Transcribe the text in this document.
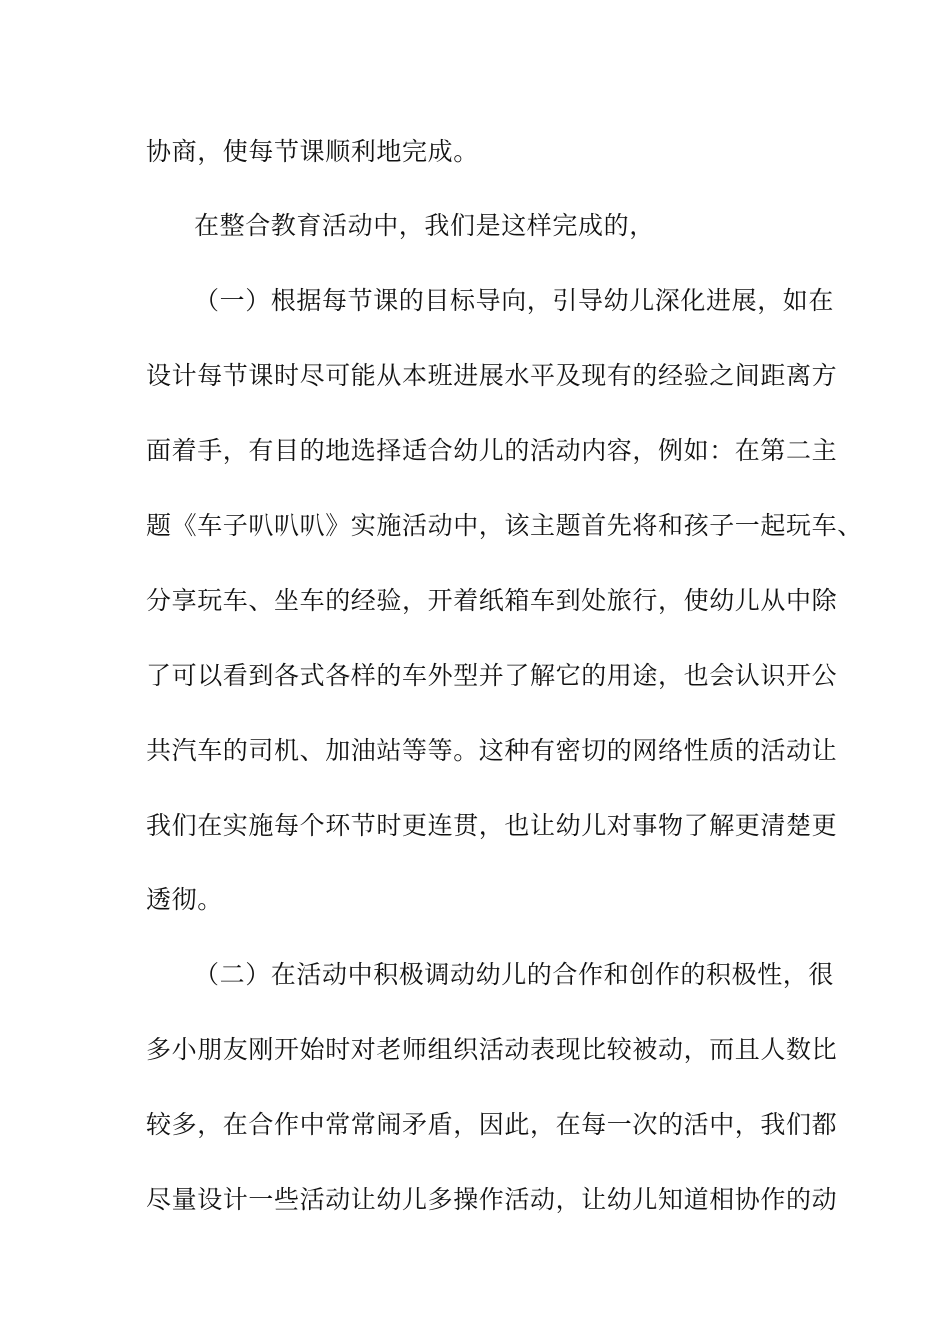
协商，使每节课顺利地完成。
在整合教育活动中，我们是这样完成的，
（一）根据每节课的目标导向，引导幼儿深化进展，如在
设计每节课时尽可能从本班进展水平及现有的经验之间距离方
面着手，有目的地选择适合幼儿的活动内容，例如：在第二主
题《车子叭叭叭》实施活动中，该主题首先将和孩子一起玩车、
分享玩车、坐车的经验，开着纸箱车到处旅行，使幼儿从中除
了可以看到各式各样的车外型并了解它的用途，也会认识开公
共汽车的司机、加油站等等。这种有密切的网络性质的活动让
我们在实施每个环节时更连贯，也让幼儿对事物了解更清楚更
透彻。
（二）在活动中积极调动幼儿的合作和创作的积极性，很
多小朋友刚开始时对老师组织活动表现比较被动，而且人数比
较多，在合作中常常闹矛盾，因此，在每一次的活中，我们都
尽量设计一些活动让幼儿多操作活动，让幼儿知道相协作的动
